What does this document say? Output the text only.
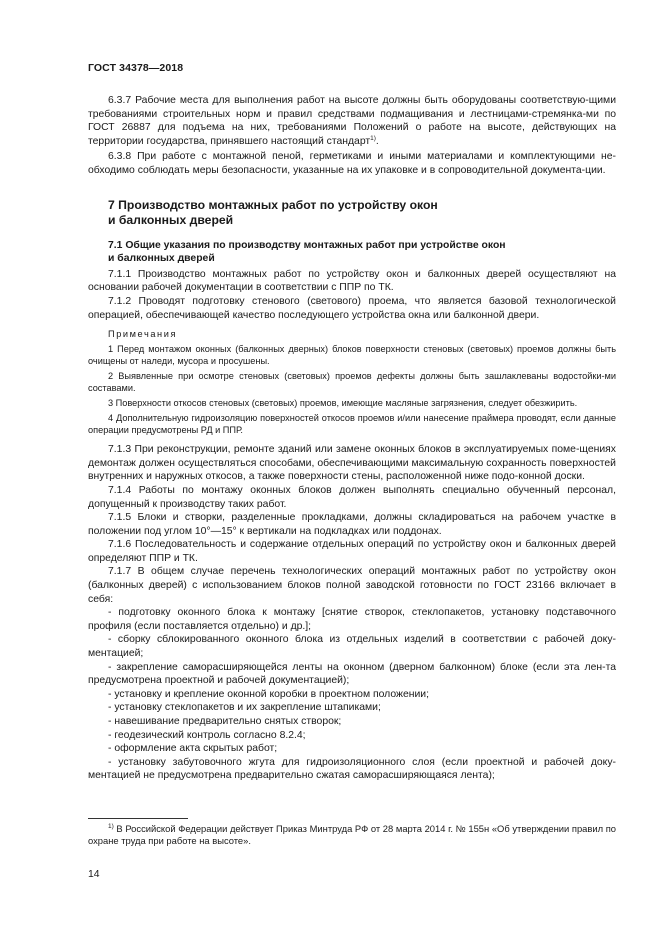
ГОСТ 34378—2018

6.3.7 Рабочие места для выполнения работ на высоте должны быть оборудованы соответствую-щими требованиями строительных норм и правил средствами подмащивания и лестницами-стремянка-ми по ГОСТ 26887 для подъема на них, требованиями Положений о работе на высоте, действующих на территории государства, принявшего настоящий стандарт$^{1)}$.

6.3.8 При работе с монтажной пеной, герметиками и иными материалами и комплектующими не-обходимо соблюдать меры безопасности, указанные на их упаковке и в сопроводительной документа-ции.

7 Производство монтажных работ по устройству окон
и балконных дверей
7.1 Общие указания по производству монтажных работ при устройстве окон
и балконных дверей

7.1.1 Производство монтажных работ по устройству окон и балконных дверей осуществляют на основании рабочей документации в соответствии с ППР по ТК.

7.1.2 Проводят подготовку стенового (светового) проема, что является базовой технологической операцией, обеспечивающей качество последующего устройства окна или балконной двери.

Примечания

1 Перед монтажом оконных (балконных дверных) блоков поверхности стеновых (световых) проемов должны быть очищены от наледи, мусора и просушены.

2 Выявленные при осмотре стеновых (световых) проемов дефекты должны быть зашлаклеваны водостойки-ми составами.

3 Поверхности откосов стеновых (световых) проемов, имеющие масляные загрязнения, следует обезжирить.

4 Дополнительную гидроизоляцию поверхностей откосов проемов и/или нанесение праймера проводят, если данные операции предусмотрены РД и ППР.

7.1.3 При реконструкции, ремонте зданий или замене оконных блоков в эксплуатируемых поме-щениях демонтаж должен осуществляться способами, обеспечивающими максимальную сохранность поверхностей внутренних и наружных откосов, а также поверхности стены, расположенной ниже подо-конной доски.

7.1.4 Работы по монтажу оконных блоков должен выполнять специально обученный персонал, допущенный к производству таких работ.

7.1.5 Блоки и створки, разделенные прокладками, должны складироваться на рабочем участке в положении под углом 10°—15° к вертикали на подкладках или поддонах.

7.1.6 Последовательность и содержание отдельных операций по устройству окон и балконных дверей определяют ППР и ТК.

7.1.7 В общем случае перечень технологических операций монтажных работ по устройству окон (балконных дверей) с использованием блоков полной заводской готовности по ГОСТ 23166 включает в себя:

- подготовку оконного блока к монтажу [снятие створок, стеклопакетов, установку подставочного профиля (если поставляется отдельно) и др.];

- сборку сблокированного оконного блока из отдельных изделий в соответствии с рабочей доку-ментацией;

- закрепление саморасширяющейся ленты на оконном (дверном балконном) блоке (если эта лен-та предусмотрена проектной и рабочей документацией);

- установку и крепление оконной коробки в проектном положении;

- установку стеклопакетов и их закрепление штапиками;

- навешивание предварительно снятых створок;

- геодезический контроль согласно 8.2.4;

- оформление акта скрытых работ;

- установку забутовочного жгута для гидроизоляционного слоя (если проектной и рабочей доку-ментацией не предусмотрена предварительно сжатая саморасширяющаяся лента);

$^{1)}$ В Российской Федерации действует Приказ Минтруда РФ от 28 марта 2014 г. № 155н «Об утверждении правил по охране труда при работе на высоте».

14
